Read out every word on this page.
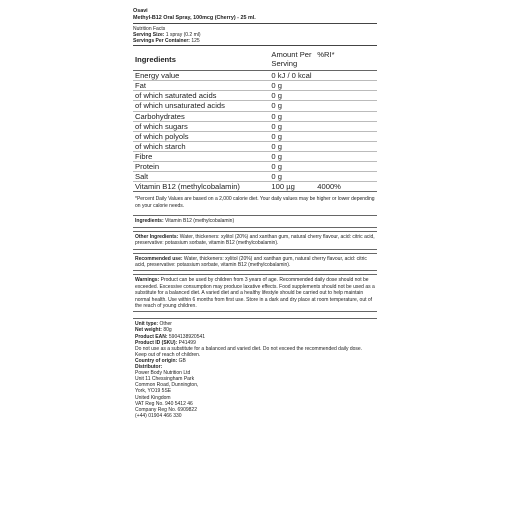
Osavi
Methyl-B12 Oral Spray, 100mcg (Cherry) - 25 ml.
Nutrition Facts
Serving Size: 1 spray (0.2 ml)
Servings Per Container: 125
Ingredients	Amount Per Serving	%RI*
Energy value	0 kJ / 0 kcal	
Fat	0 g	
of which saturated acids	0 g	
of which unsaturated acids	0 g	
Carbohydrates	0 g	
of which sugars	0 g	
of which polyols	0 g	
of which starch	0 g	
Fibre	0 g	
Protein	0 g	
Salt	0 g	
Vitamin B12 (methylcobalamin)	100 µg	4000%
*Percent Daily Values are based on a 2,000 calorie diet. Your daily values may be higher or lower depending on your calorie needs.
Ingredients: Vitamin B12 (methylcobalamin)
Other Ingredients: Water, thickeners: xylitol (20%) and xanthan gum, natural cherry flavour, acid: citric acid, preservative: potassium sorbate, vitamin B12 (methylcobalamin).
Recommended use: Water, thickeners: xylitol (20%) and xanthan gum, natural cherry flavour, acid: citric acid, preservative: potassium sorbate, vitamin B12 (methylcobalamin).
Warnings: Product can be used by children from 3 years of age. Recommended daily dose should not be exceeded. Excessive consumption may produce laxative effects. Food supplements should not be used as a substitute for a balanced diet. A varied diet and a healthy lifestyle should be carried out to help maintain normal health. Use within 6 months from first use. Store in a dark and dry place at room temperature, out of the reach of young children.
Unit type: Other
Net weight: 80g
Product EAN: 5904138920541
Product ID (SKU): P41499
Do not use as a substitute for a balanced and varied diet. Do not exceed the recommended daily dose. Keep out of reach of children.
Country of origin: GB
Distributor:
Power Body Nutrition Ltd
Unit 11 Chessingham Park
Common Road, Dunnington,
York, YO19 5SE
United Kingdom
VAT Reg No. 940 5412 46
Company Reg No. 6909822
(+44) 01904 466 330
